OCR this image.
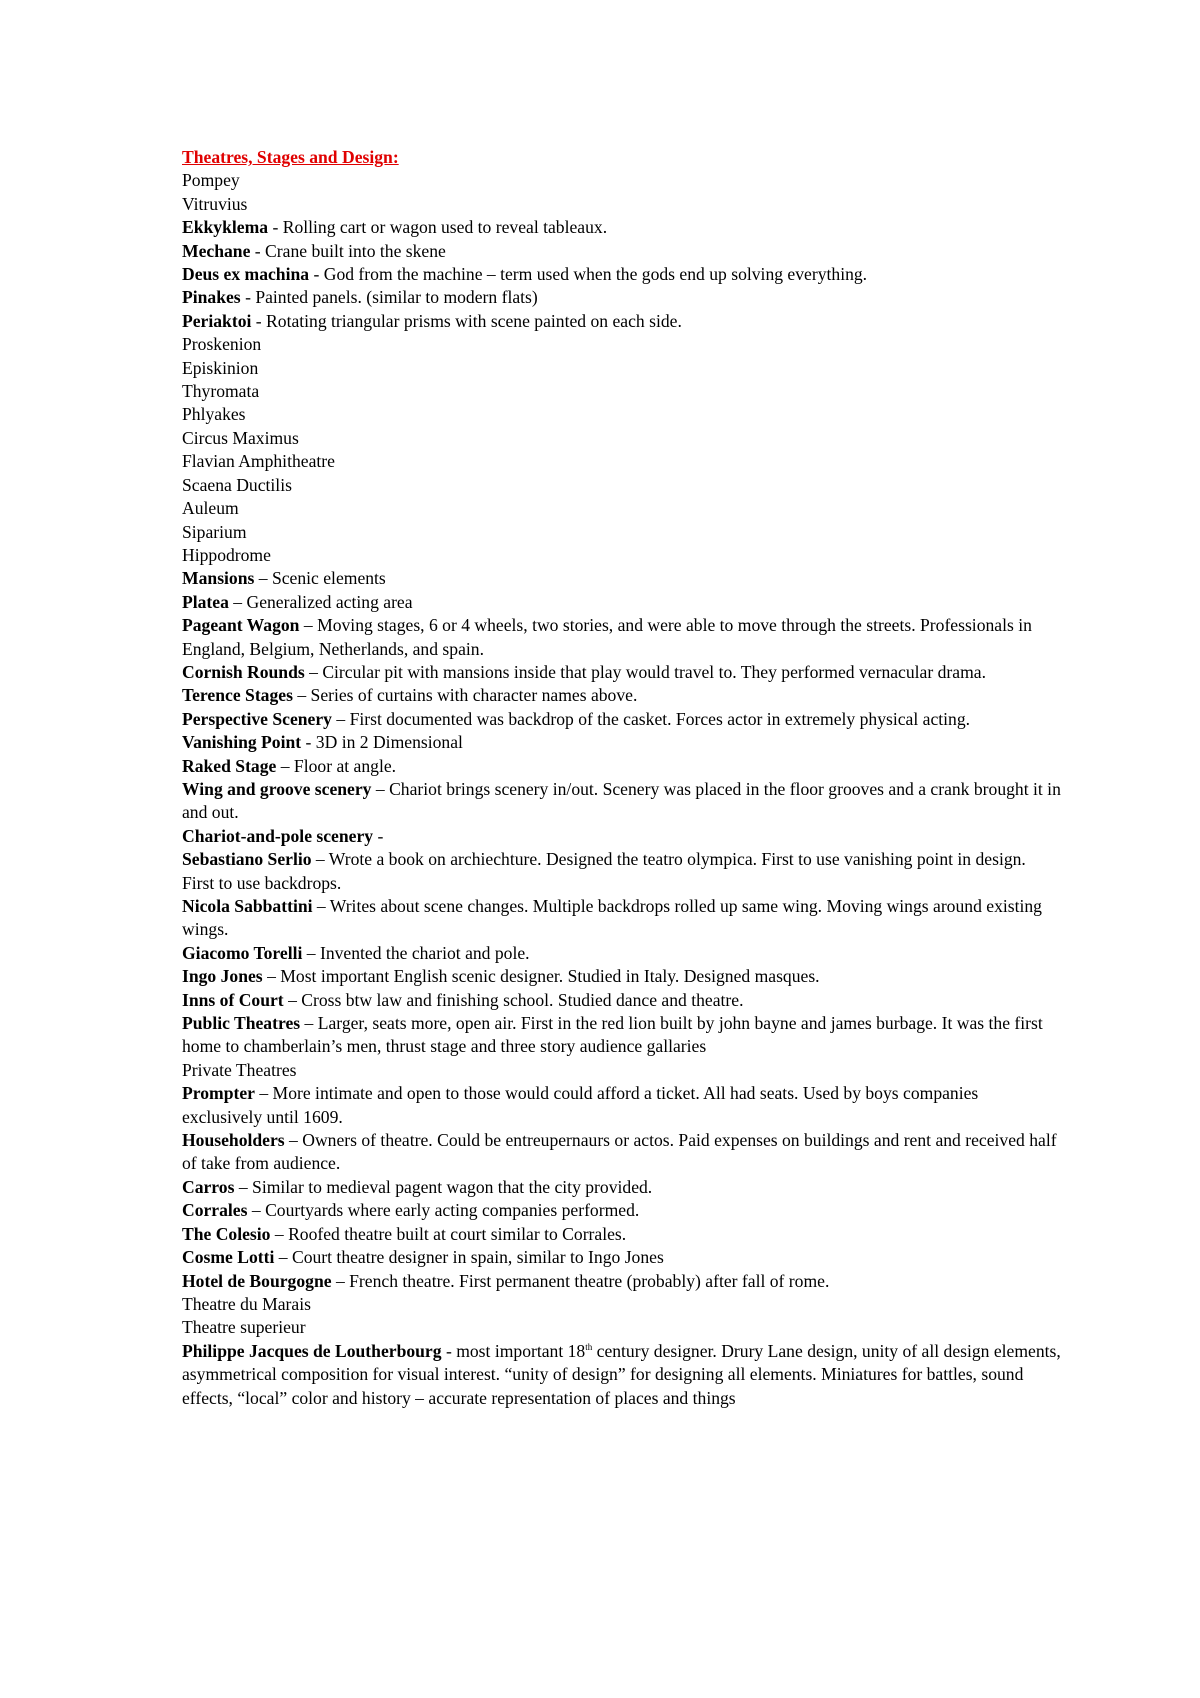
Theatres, Stages and Design:
Pompey
Vitruvius
Ekkyklema - Rolling cart or wagon used to reveal tableaux.
Mechane - Crane built into the skene
Deus ex machina - God from the machine – term used when the gods end up solving everything.
Pinakes - Painted panels. (similar to modern flats)
Periaktoi - Rotating triangular prisms with scene painted on each side.
Proskenion
Episkinion
Thyromata
Phlyakes
Circus Maximus
Flavian Amphitheatre
Scaena Ductilis
Auleum
Siparium
Hippodrome
Mansions – Scenic elements
Platea – Generalized acting area
Pageant Wagon – Moving stages, 6 or 4 wheels, two stories, and were able to move through the streets. Professionals in England, Belgium, Netherlands, and spain.
Cornish Rounds – Circular pit with mansions inside that play would travel to. They performed vernacular drama.
Terence Stages – Series of curtains with character names above.
Perspective Scenery – First documented was backdrop of the casket. Forces actor in extremely physical acting.
Vanishing Point - 3D in 2 Dimensional
Raked Stage – Floor at angle.
Wing and groove scenery – Chariot brings scenery in/out. Scenery was placed in the floor grooves and a crank brought it in and out.
Chariot-and-pole scenery -
Sebastiano Serlio – Wrote a book on archiechture. Designed the teatro olympica. First to use vanishing point in design. First to use backdrops.
Nicola Sabbattini – Writes about scene changes. Multiple backdrops rolled up same wing. Moving wings around existing wings.
Giacomo Torelli – Invented the chariot and pole.
Ingo Jones – Most important English scenic designer. Studied in Italy. Designed masques.
Inns of Court – Cross btw law and finishing school. Studied dance and theatre.
Public Theatres – Larger, seats more, open air. First in the red lion built by john bayne and james burbage. It was the first home to chamberlain’s men, thrust stage and three story audience gallaries
Private Theatres
Prompter – More intimate and open to those would could afford a ticket. All had seats. Used by boys companies exclusively until 1609.
Householders – Owners of theatre. Could be entreupernaurs or actos. Paid expenses on buildings and rent and received half of take from audience.
Carros – Similar to medieval pagent wagon that the city provided.
Corrales – Courtyards where early acting companies performed.
The Colesio – Roofed theatre built at court similar to Corrales.
Cosme Lotti – Court theatre designer in spain, similar to Ingo Jones
Hotel de Bourgogne – French theatre. First permanent theatre (probably) after fall of rome.
Theatre du Marais
Theatre superieur
Philippe Jacques de Loutherbourg - most important 18th century designer. Drury Lane design, unity of all design elements, asymmetrical composition for visual interest. “unity of design” for designing all elements. Miniatures for battles, sound effects, “local” color and history – accurate representation of places and things
